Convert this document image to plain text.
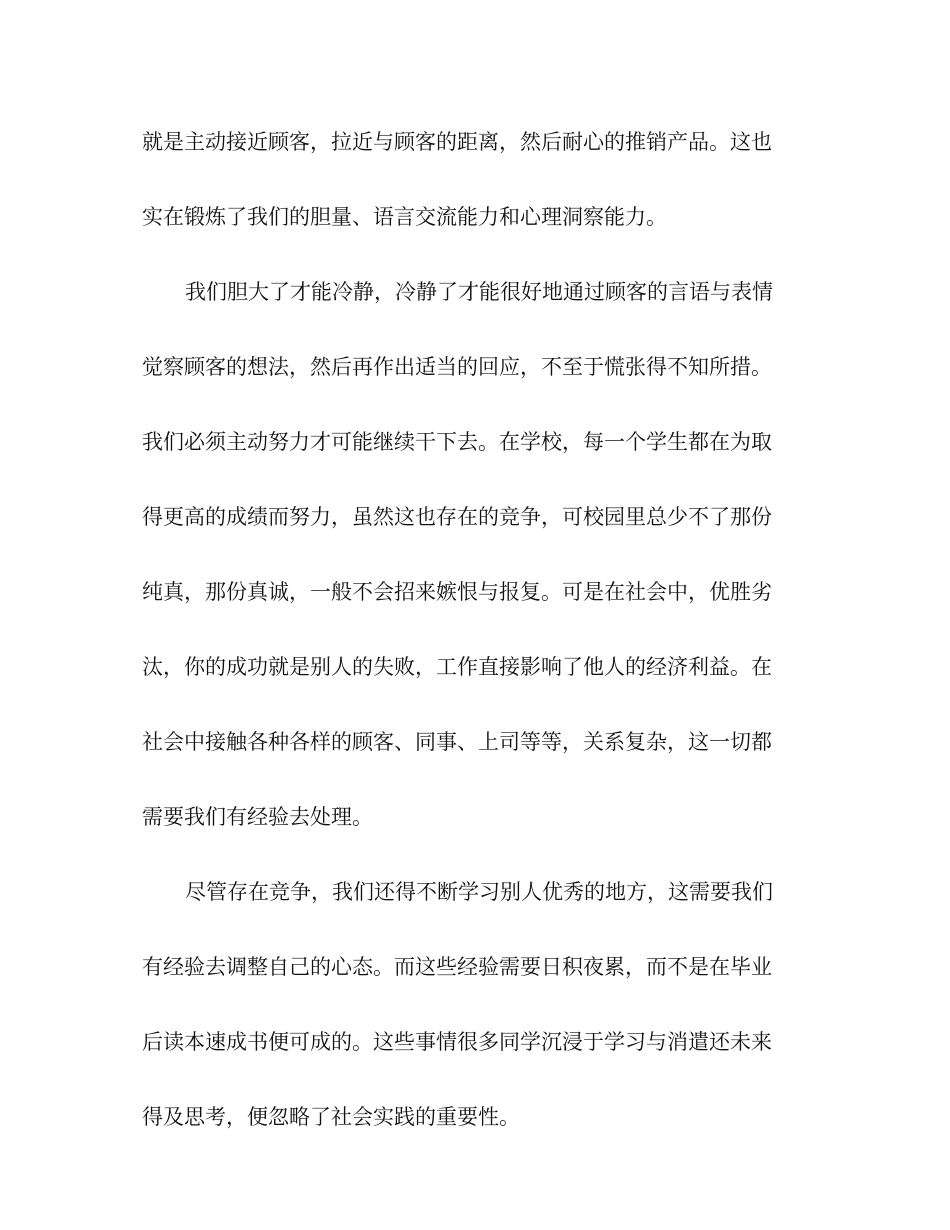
就是主动接近顾客，拉近与顾客的距离，然后耐心的推销产品。这也
实在锻炼了我们的胆量、语言交流能力和心理洞察能力。
我们胆大了才能冷静，冷静了才能很好地通过顾客的言语与表情
觉察顾客的想法，然后再作出适当的回应，不至于慌张得不知所措。
我们必须主动努力才可能继续干下去。在学校，每一个学生都在为取
得更高的成绩而努力，虽然这也存在的竞争，可校园里总少不了那份
纯真，那份真诚，一般不会招来嫉恨与报复。可是在社会中，优胜劣
汰，你的成功就是别人的失败，工作直接影响了他人的经济利益。在
社会中接触各种各样的顾客、同事、上司等等，关系复杂，这一切都
需要我们有经验去处理。
尽管存在竞争，我们还得不断学习别人优秀的地方，这需要我们
有经验去调整自己的心态。而这些经验需要日积夜累，而不是在毕业
后读本速成书便可成的。这些事情很多同学沉浸于学习与消遣还未来
得及思考，便忽略了社会实践的重要性。
